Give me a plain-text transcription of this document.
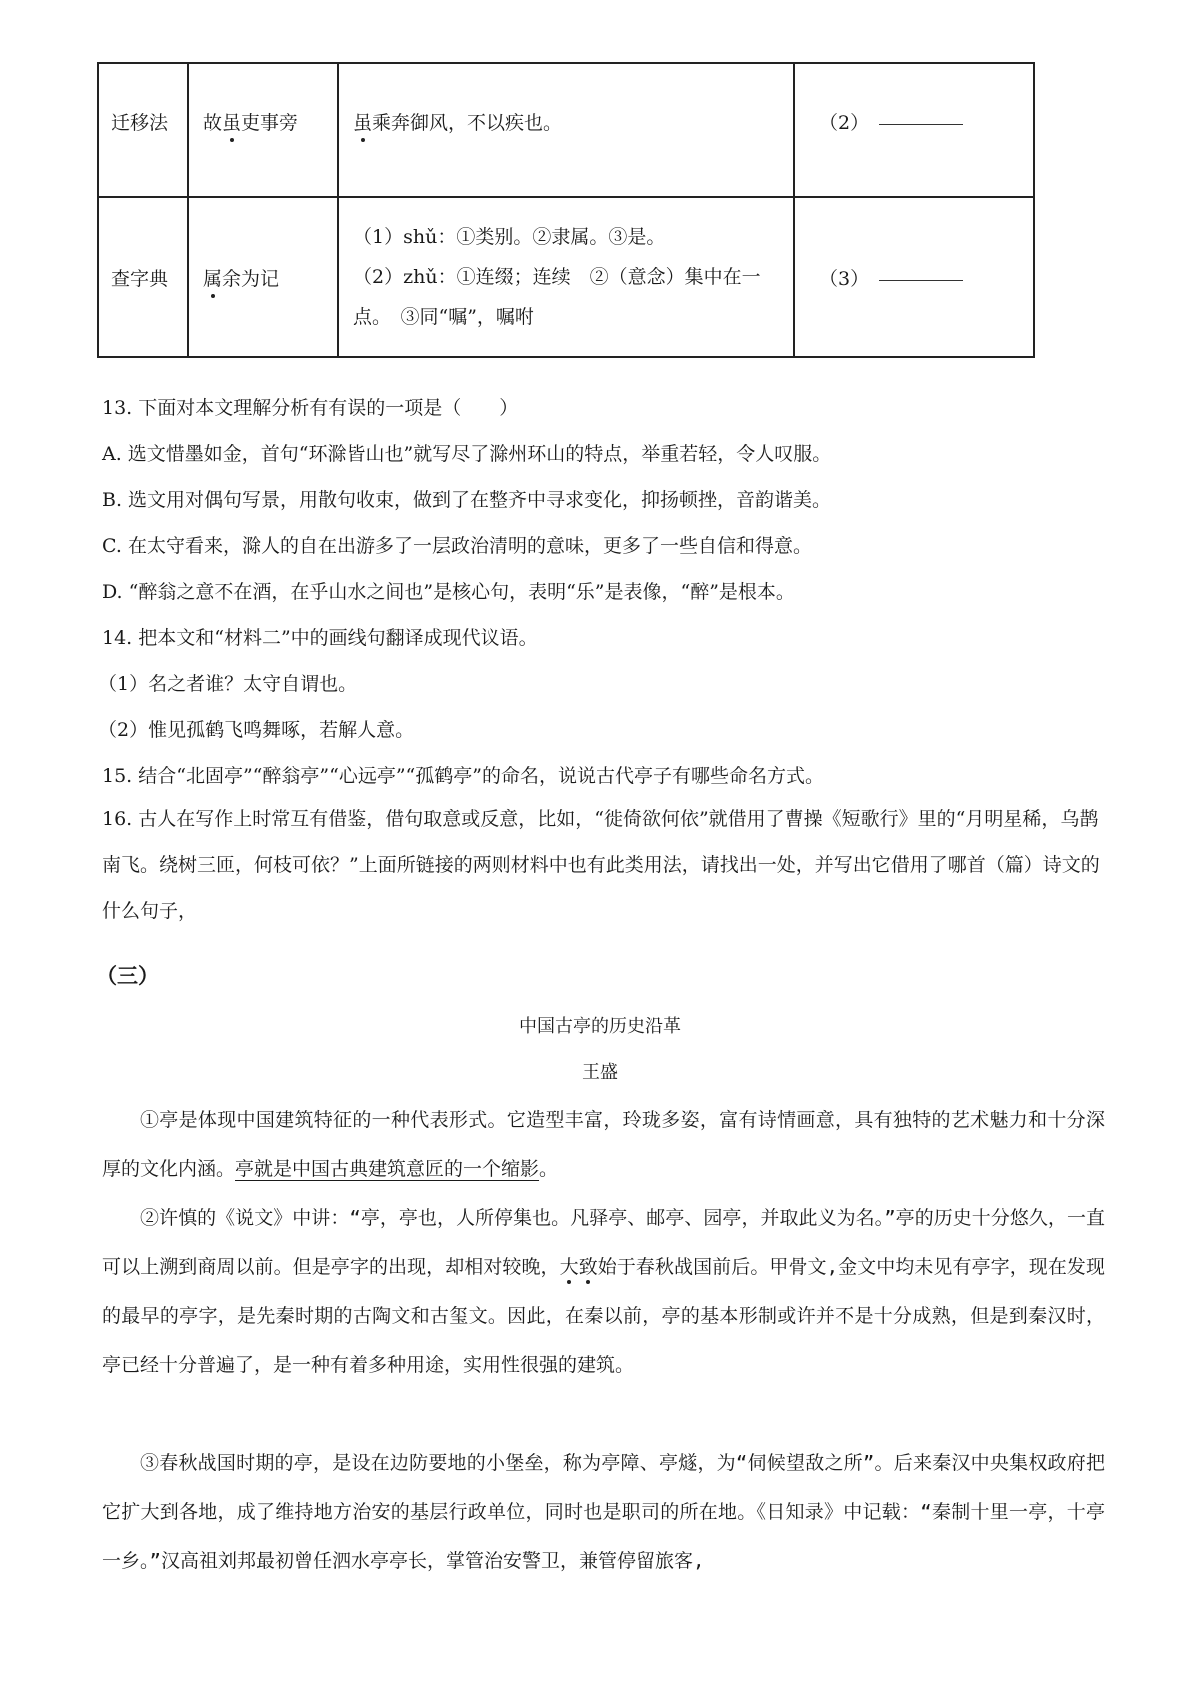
迁移法	故虽吏事旁	虽乘奔御风，不以疾也。	（2）
查字典	属余为记	（1）shǔ：①类别。②隶属。③是。
（2）zhǔ：①连缀；连续　②（意念）集中在一
点。　③同“嘱”，嘱咐	（3）
13. 下面对本文理解分析有有误的一项是（　　）
A. 选文惜墨如金，首句“环滁皆山也”就写尽了滁州环山的特点，举重若轻，令人叹服。
B. 选文用对偶句写景，用散句收束，做到了在整齐中寻求变化，抑扬顿挫，音韵谐美。
C. 在太守看来，滁人的自在出游多了一层政治清明的意味，更多了一些自信和得意。
D. “醉翁之意不在酒，在乎山水之间也”是核心句，表明“乐”是表像，“醉”是根本。
14. 把本文和“材料二”中的画线句翻译成现代议语。
（1）名之者谁？太守自谓也。
（2）惟见孤鹤飞鸣舞啄，若解人意。
15. 结合“北固亭”“醉翁亭”“心远亭”“孤鹤亭”的命名，说说古代亭子有哪些命名方式。
16. 古人在写作上时常互有借鉴，借句取意或反意，比如，“徙倚欲何依”就借用了曹操《短歌行》里的“月明星稀，乌鹊南飞。绕树三匝，何枝可依？”上面所链接的两则材料中也有此类用法，请找出一处，并写出它借用了哪首（篇）诗文的什么句子，
（三）
中国古亭的历史沿革
王盛
①亭是体现中国建筑特征的一种代表形式。它造型丰富，玲珑多姿，富有诗情画意，具有独特的艺术魅力和十分深厚的文化内涵。亭就是中国古典建筑意匠的一个缩影。
②许慎的《说文》中讲：“亭，亭也，人所停集也。凡驿亭、邮亭、园亭，并取此义为名。”亭的历史十分悠久，一直可以上溯到商周以前。但是亭字的出现，却相对较晚，大致始于春秋战国前后。甲骨文,金文中均未见有亭字，现在发现的最早的亭字，是先秦时期的古陶文和古玺文。因此，在秦以前，亭的基本形制或许并不是十分成熟，但是到秦汉时，亭已经十分普遍了，是一种有着多种用途，实用性很强的建筑。
③春秋战国时期的亭，是设在边防要地的小堡垒，称为亭障、亭燧，为“伺候望敌之所”。后来秦汉中央集权政府把它扩大到各地，成了维持地方治安的基层行政单位，同时也是职司的所在地。《日知录》中记载：“秦制十里一亭，十亭一乡。”汉高祖刘邦最初曾任泗水亭亭长，掌管治安警卫，兼管停留旅客,
